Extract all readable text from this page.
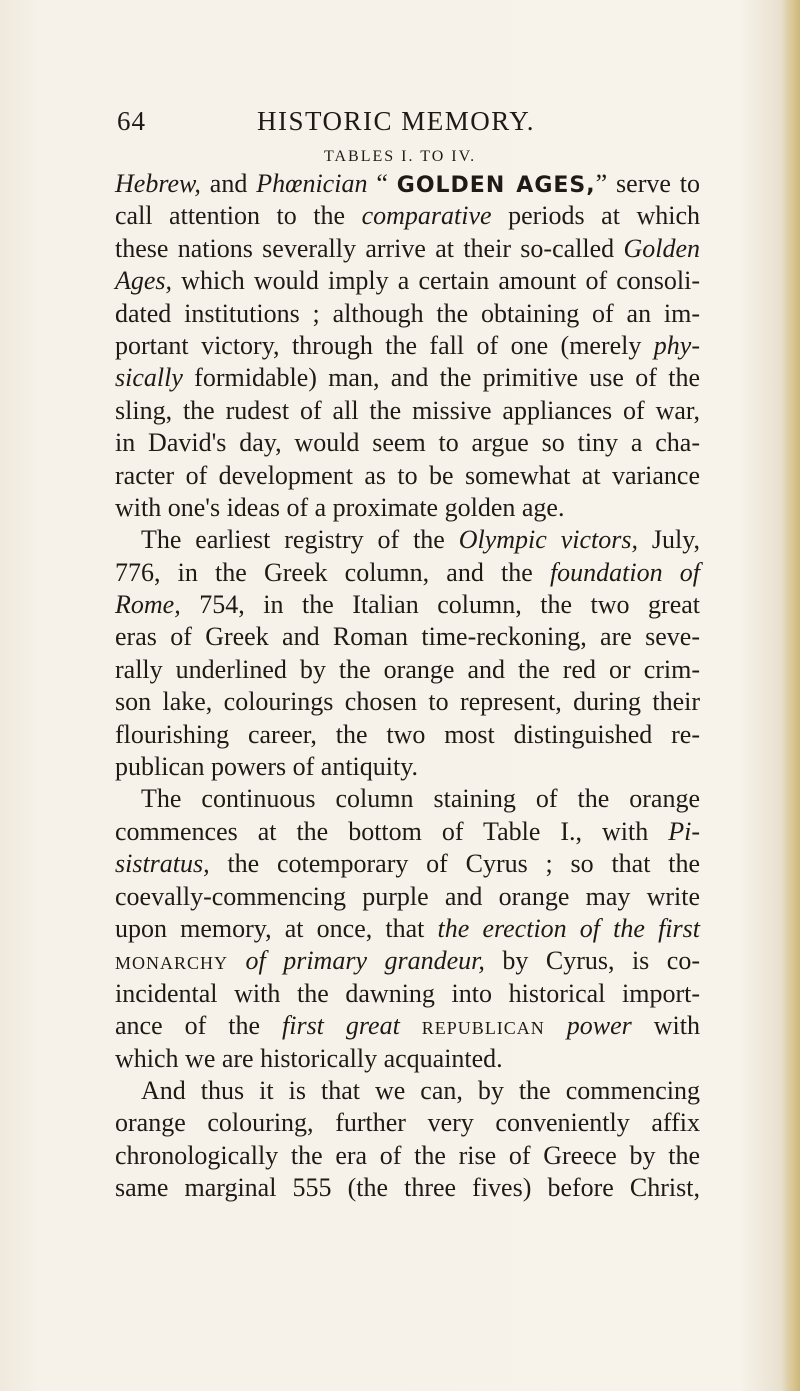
64	HISTORIC MEMORY.
TABLES I. TO IV.
Hebrew, and Phœnician “ GOLDEN AGES,” serve to
call attention to the comparative periods at which
these nations severally arrive at their so-called Golden
Ages, which would imply a certain amount of consoli-
dated institutions ; although the obtaining of an im-
portant victory, through the fall of one (merely phy-
sically formidable) man, and the primitive use of the
sling, the rudest of all the missive appliances of war,
in David's day, would seem to argue so tiny a cha-
racter of development as to be somewhat at variance
with one's ideas of a proximate golden age.
The earliest registry of the Olympic victors, July,
776, in the Greek column, and the foundation of
Rome, 754, in the Italian column, the two great
eras of Greek and Roman time-reckoning, are seve-
rally underlined by the orange and the red or crim-
son lake, colourings chosen to represent, during their
flourishing career, the two most distinguished re-
publican powers of antiquity.
The continuous column staining of the orange
commences at the bottom of Table I., with Pi-
sistratus, the cotemporary of Cyrus ; so that the
coevally-commencing purple and orange may write
upon memory, at once, that the erection of the first
monarchy of primary grandeur, by Cyrus, is co-
incidental with the dawning into historical import-
ance of the first great republican power with
which we are historically acquainted.
And thus it is that we can, by the commencing
orange colouring, further very conveniently affix
chronologically the era of the rise of Greece by the
same marginal 555 (the three fives) before Christ,
